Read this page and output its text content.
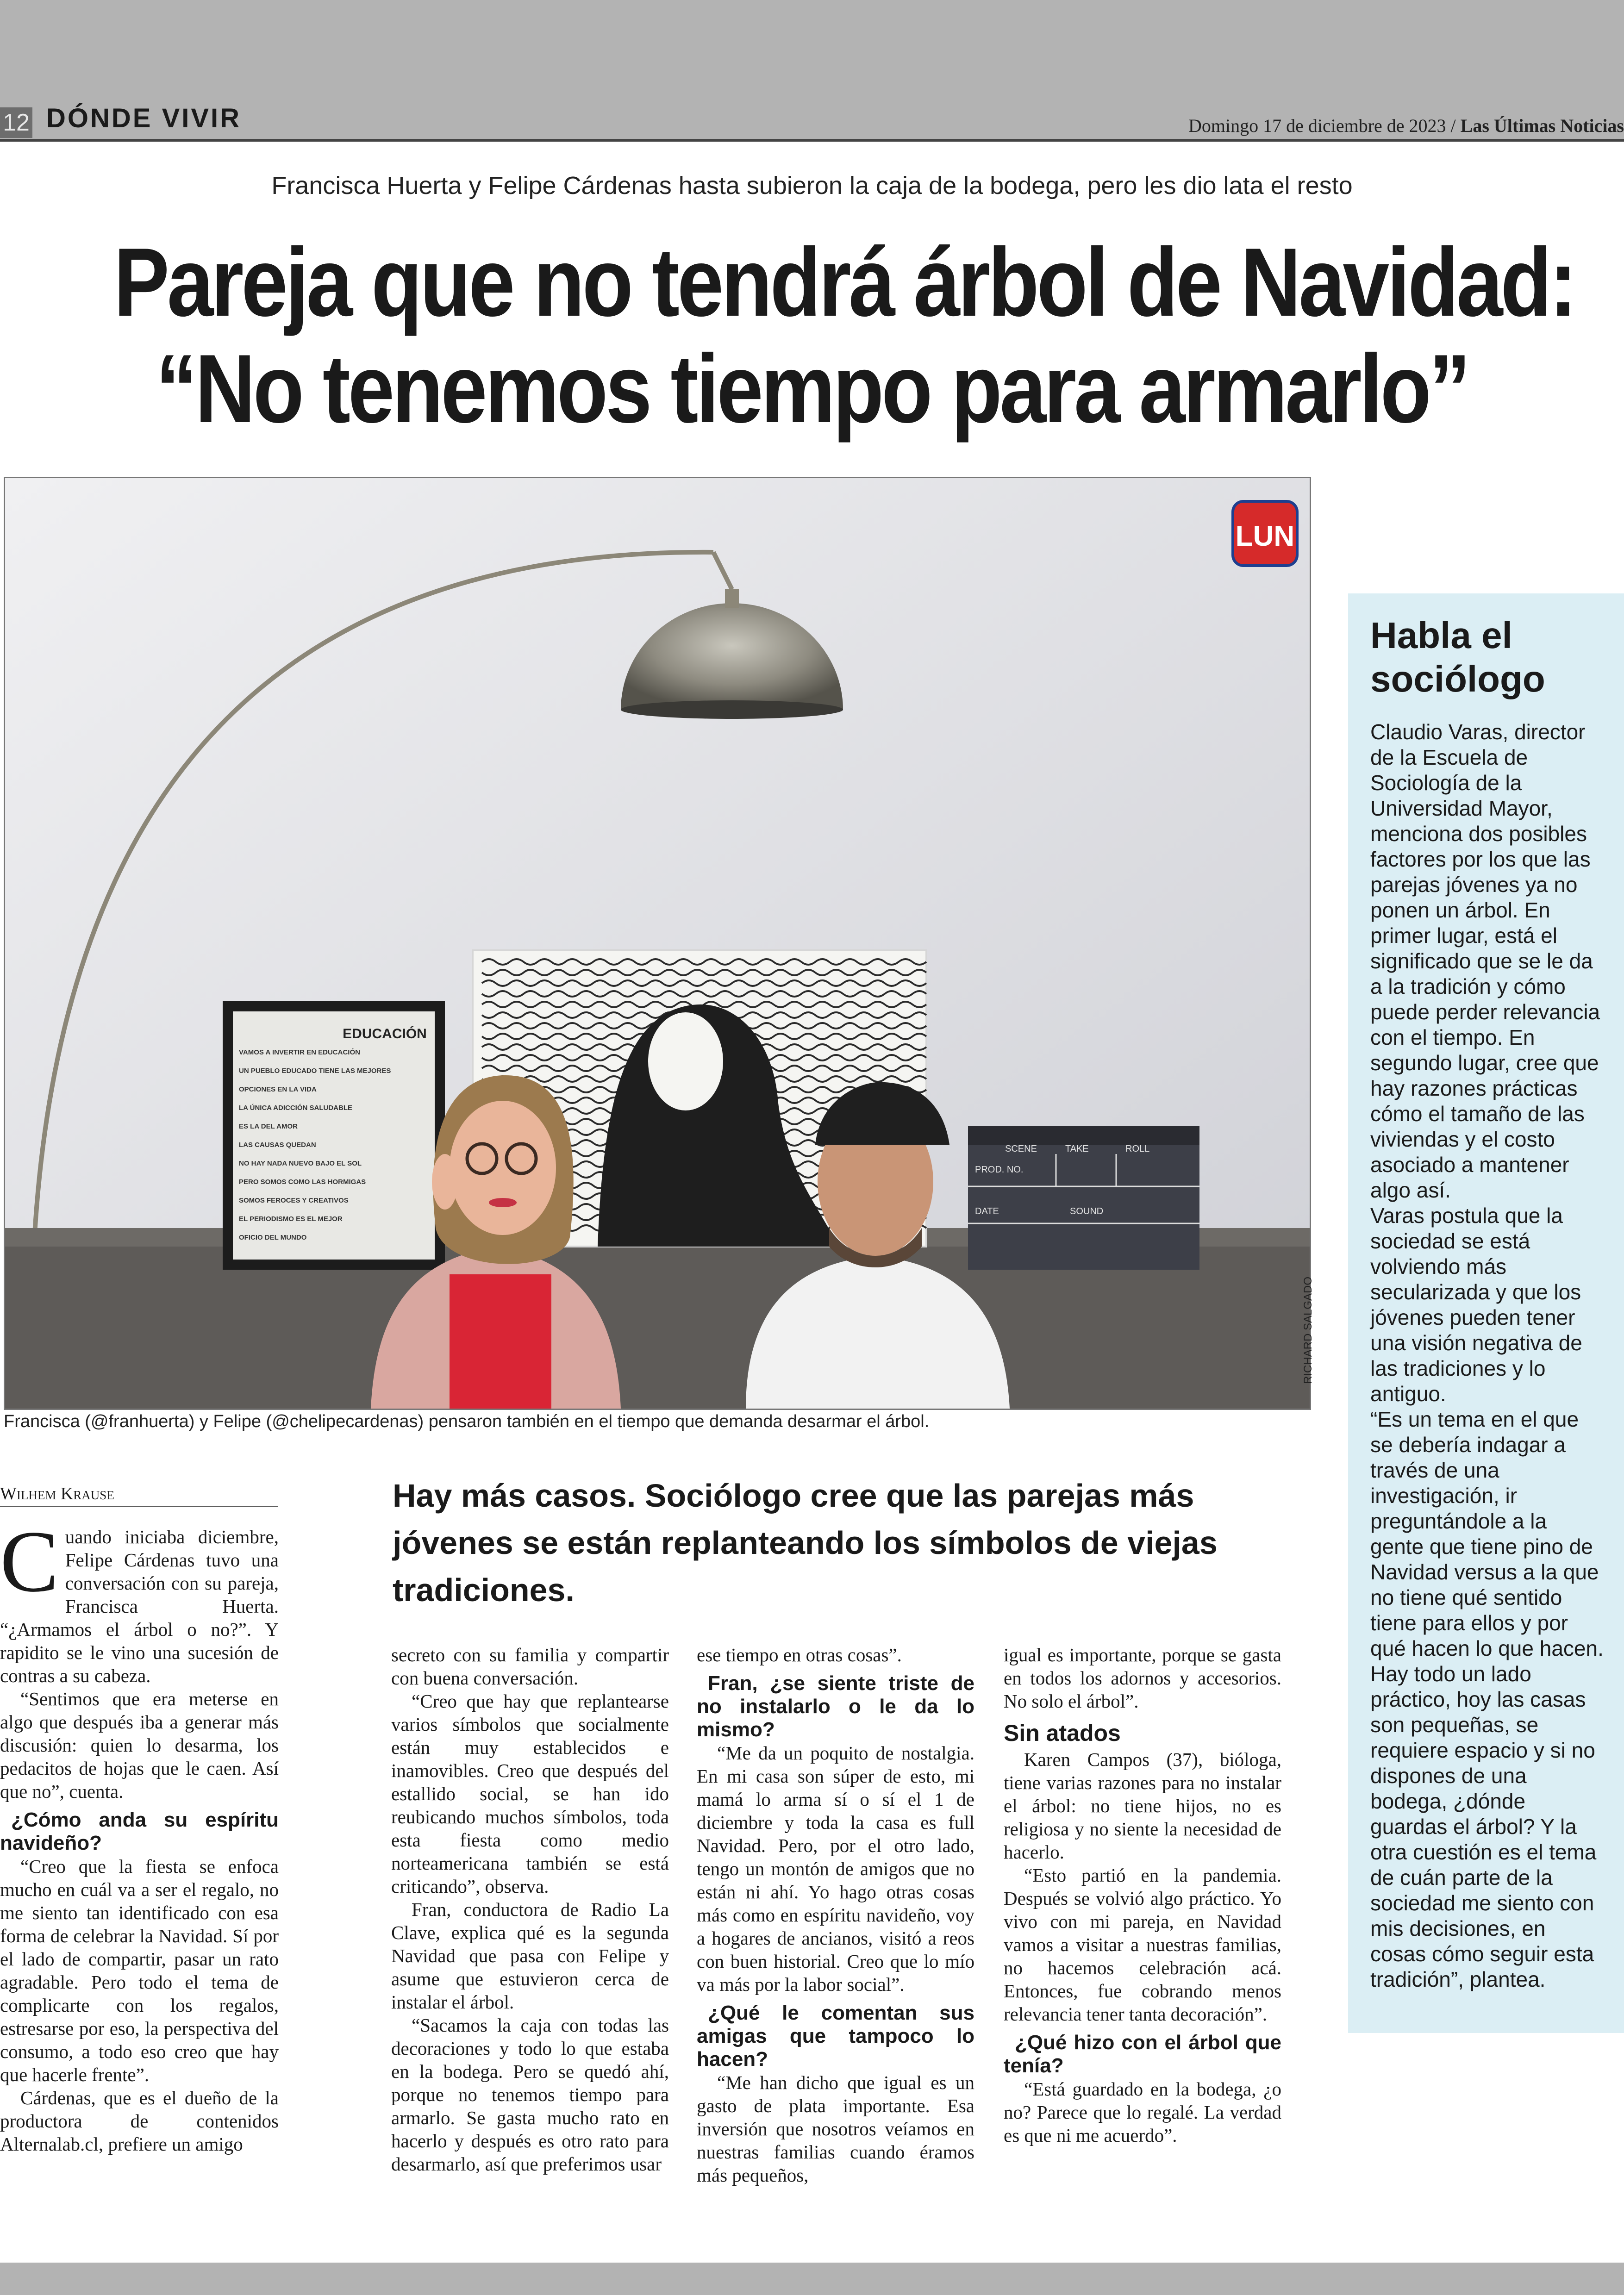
12 DÓNDE VIVIR	Domingo 17 de diciembre de 2023 / Las Últimas Noticias
Francisca Huerta y Felipe Cárdenas hasta subieron la caja de la bodega, pero les dio lata el resto
Pareja que no tendrá árbol de Navidad:
“No tenemos tiempo para armarlo”
EDUCACIÓN
VAMOS A INVERTIR EN EDUCACIÓN
UN PUEBLO EDUCADO TIENE LAS MEJORES
OPCIONES EN LA VIDA
LA ÚNICA ADICCIÓN SALUDABLE
ES LA DEL AMOR
LAS CAUSAS QUEDAN
NO HAY NADA NUEVO BAJO EL SOL
PERO SOMOS COMO LAS HORMIGAS
SOMOS FEROCES Y CREATIVOS
EL PERIODISMO ES EL MEJOR
OFICIO DEL MUNDO
PROD. NO.
SCENE	TAKE	ROLL
DATE	SOUND
LUN
RICHARD SALGADO
Francisca (@franhuerta) y Felipe (@chelipecardenas) pensaron también en el tiempo que demanda desarmar el árbol.
Wilhem Krause	Hay más casos. Sociólogo cree que las parejas más jóvenes se están replanteando los símbolos de viejas tradiciones.

Cuando iniciaba diciembre, Felipe Cárdenas tuvo una conversación con su pareja, Francisca Huerta. “¿Armamos el árbol o no?”. Y rapidito se le vino una sucesión de contras a su cabeza.

“Sentimos que era meterse en algo que después iba a generar más discusión: quien lo desarma, los pedacitos de hojas que le caen. Así que no”, cuenta.

¿Cómo anda su espíritu navideño?

“Creo que la fiesta se enfoca mucho en cuál va a ser el regalo, no me siento tan identificado con esa forma de celebrar la Navidad. Sí por el lado de compartir, pasar un rato agradable. Pero todo el tema de complicarte con los regalos, estresarse por eso, la perspectiva del consumo, a todo eso creo que hay que hacerle frente”.

Cárdenas, que es el dueño de la productora de contenidos Alternalab.cl, prefiere un amigo

secreto con su familia y compartir con buena conversación.

“Creo que hay que replantearse varios símbolos que socialmente están muy establecidos e inamovibles. Creo que después del estallido social, se han ido reubicando muchos símbolos, toda esta fiesta como medio norteamericana también se está criticando”, observa.

Fran, conductora de Radio La Clave, explica qué es la segunda Navidad que pasa con Felipe y asume que estuvieron cerca de instalar el árbol.

“Sacamos la caja con todas las decoraciones y todo lo que estaba en la bodega. Pero se quedó ahí, porque no tenemos tiempo para armarlo. Se gasta mucho rato en hacerlo y después es otro rato para desarmarlo, así que preferimos usar

ese tiempo en otras cosas”.

Fran, ¿se siente triste de no instalarlo o le da lo mismo?

“Me da un poquito de nostalgia. En mi casa son súper de esto, mi mamá lo arma sí o sí el 1 de diciembre y toda la casa es full Navidad. Pero, por el otro lado, tengo un montón de amigos que no están ni ahí. Yo hago otras cosas más como en espíritu navideño, voy a hogares de ancianos, visitó a reos con buen historial. Creo que lo mío va más por la labor social”.

¿Qué le comentan sus amigas que tampoco lo hacen?

“Me han dicho que igual es un gasto de plata importante. Esa inversión que nosotros veíamos en nuestras familias cuando éramos más pequeños,

igual es importante, porque se gasta en todos los adornos y accesorios. No solo el árbol”.

Sin atados

Karen Campos (37), bióloga, tiene varias razones para no instalar el árbol: no tiene hijos, no es religiosa y no siente la necesidad de hacerlo.

“Esto partió en la pandemia. Después se volvió algo práctico. Yo vivo con mi pareja, en Navidad vamos a visitar a nuestras familias, no hacemos celebración acá. Entonces, fue cobrando menos relevancia tener tanta decoración”.

¿Qué hizo con el árbol que tenía?

“Está guardado en la bodega, ¿o no? Parece que lo regalé. La verdad es que ni me acuerdo”.

Habla el sociólogo

Claudio Varas, director de la Escuela de Sociología de la Universidad Mayor, menciona dos posibles factores por los que las parejas jóvenes ya no ponen un árbol. En primer lugar, está el significado que se le da a la tradición y cómo puede perder relevancia con el tiempo. En segundo lugar, cree que hay razones prácticas cómo el tamaño de las viviendas y el costo asociado a mantener algo así.

Varas postula que la sociedad se está volviendo más secularizada y que los jóvenes pueden tener una visión negativa de las tradiciones y lo antiguo.

“Es un tema en el que se debería indagar a través de una investigación, ir preguntándole a la gente que tiene pino de Navidad versus a la que no tiene qué sentido tiene para ellos y por qué hacen lo que hacen. Hay todo un lado práctico, hoy las casas son pequeñas, se requiere espacio y si no dispones de una bodega, ¿dónde guardas el árbol? Y la otra cuestión es el tema de cuán parte de la sociedad me siento con mis decisiones, en cosas cómo seguir esta tradición”, plantea.
